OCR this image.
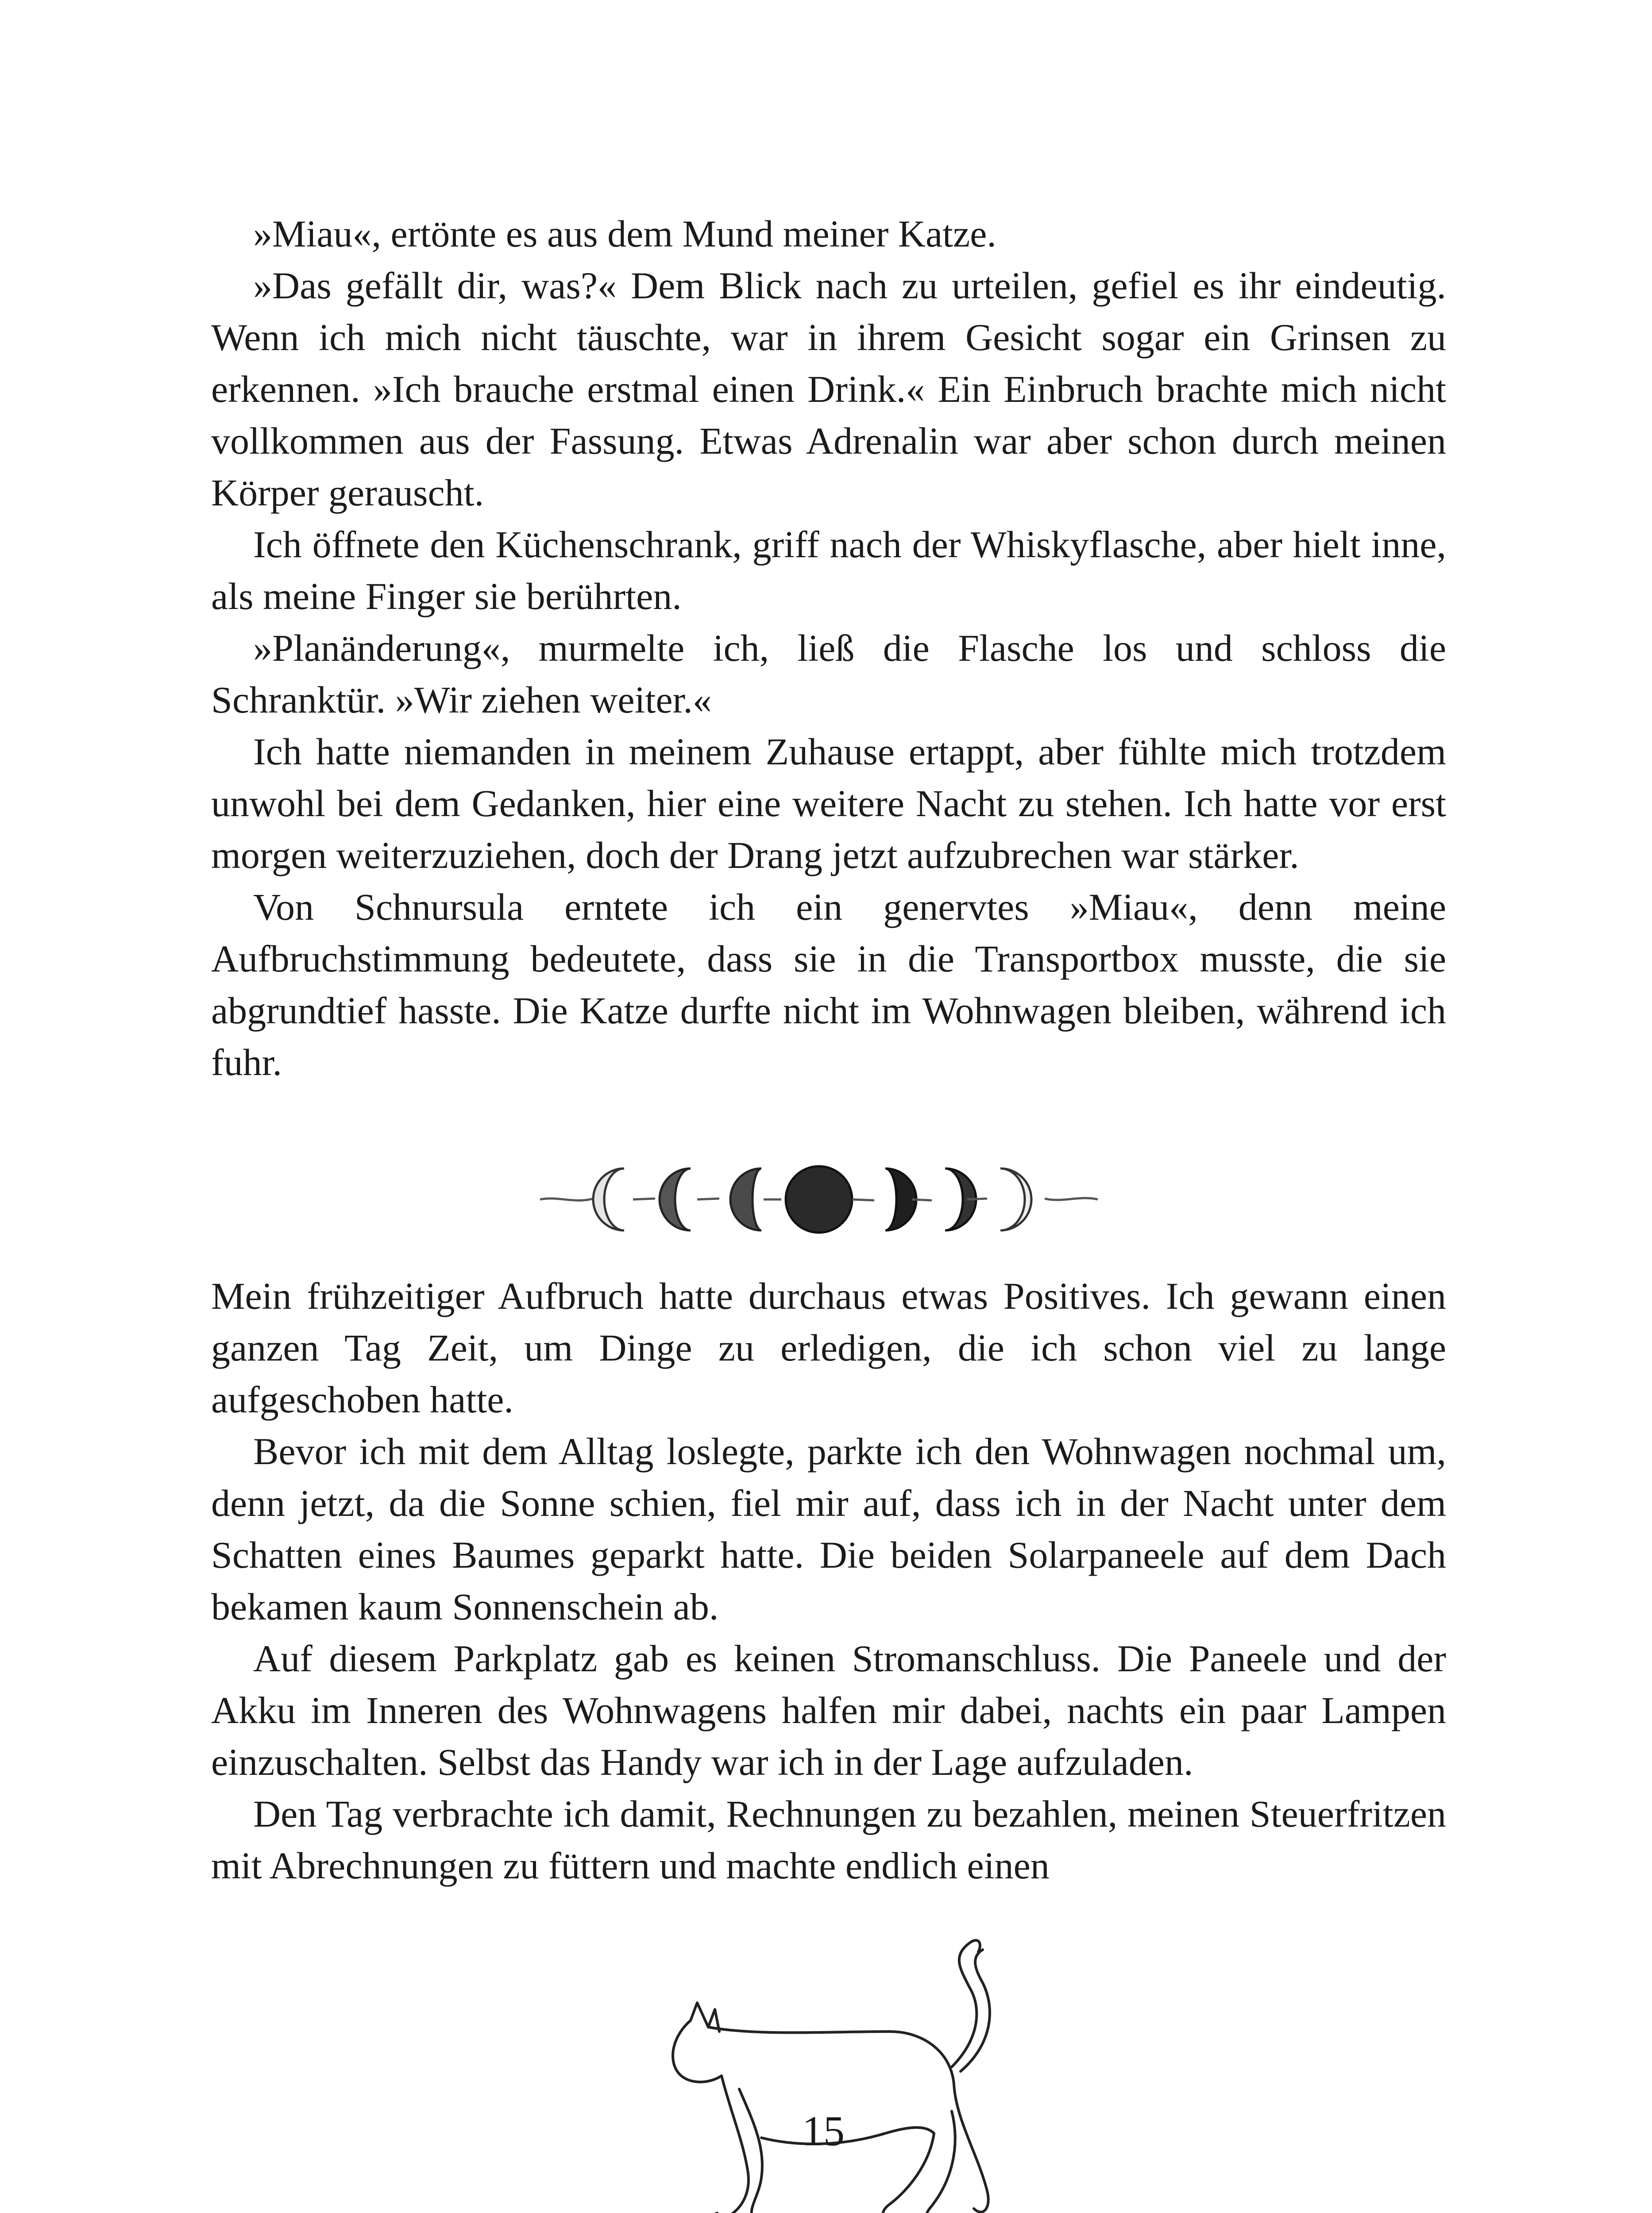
»Miau«, ertönte es aus dem Mund meiner Katze.

»Das gefällt dir, was?« Dem Blick nach zu urteilen, gefiel es ihr eindeutig. Wenn ich mich nicht täuschte, war in ihrem Gesicht sogar ein Grinsen zu erkennen. »Ich brauche erstmal einen Drink.« Ein Einbruch brachte mich nicht vollkommen aus der Fassung. Etwas Adrenalin war aber schon durch meinen Körper gerauscht.

Ich öffnete den Küchenschrank, griff nach der Whiskyflasche, aber hielt inne, als meine Finger sie berührten.

»Planänderung«, murmelte ich, ließ die Flasche los und schloss die Schranktür. »Wir ziehen weiter.«

Ich hatte niemanden in meinem Zuhause ertappt, aber fühlte mich trotzdem unwohl bei dem Gedanken, hier eine weitere Nacht zu stehen. Ich hatte vor erst morgen weiterzuziehen, doch der Drang jetzt aufzubrechen war stärker.

Von Schnursula erntete ich ein genervtes »Miau«, denn meine Aufbruchstimmung bedeutete, dass sie in die Transportbox musste, die sie abgrundtief hasste. Die Katze durfte nicht im Wohnwagen bleiben, während ich fuhr.

Mein frühzeitiger Aufbruch hatte durchaus etwas Positives. Ich gewann einen ganzen Tag Zeit, um Dinge zu erledigen, die ich schon viel zu lange aufgeschoben hatte.

Bevor ich mit dem Alltag loslegte, parkte ich den Wohnwagen nochmal um, denn jetzt, da die Sonne schien, fiel mir auf, dass ich in der Nacht unter dem Schatten eines Baumes geparkt hatte. Die beiden Solarpaneele auf dem Dach bekamen kaum Sonnenschein ab.

Auf diesem Parkplatz gab es keinen Stromanschluss. Die Paneele und der Akku im Inneren des Wohnwagens halfen mir dabei, nachts ein paar Lampen einzuschalten. Selbst das Handy war ich in der Lage aufzuladen.

Den Tag verbrachte ich damit, Rechnungen zu bezahlen, meinen Steuerfritzen mit Abrechnungen zu füttern und machte endlich einen

15
